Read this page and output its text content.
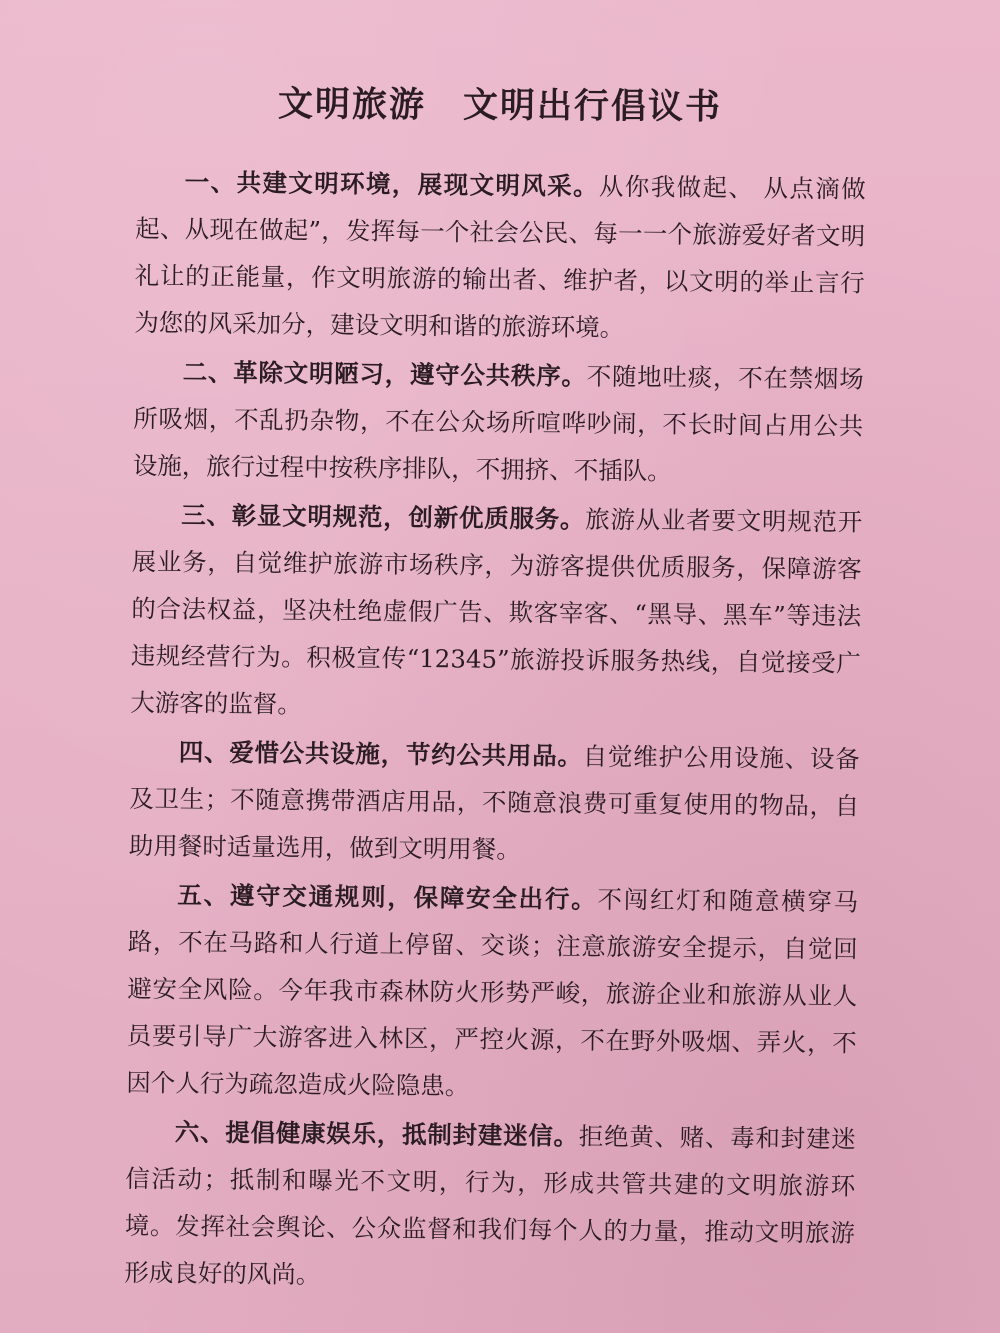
文明旅游　文明出行倡议书

一、共建文明环境，展现文明风采。从你我做起、 从点滴做起、从现在做起”，发挥每一个社会公民、每一一个旅游爱好者文明礼让的正能量，作文明旅游的输出者、维护者，以文明的举止言行为您的风采加分，建设文明和谐的旅游环境。

二、革除文明陋习，遵守公共秩序。不随地吐痰，不在禁烟场所吸烟，不乱扔杂物，不在公众场所喧哗吵闹，不长时间占用公共设施，旅行过程中按秩序排队，不拥挤、不插队。

三、彰显文明规范，创新优质服务。旅游从业者要文明规范开展业务，自觉维护旅游市场秩序，为游客提供优质服务，保障游客的合法权益，坚决杜绝虚假广告、欺客宰客、“黑导、黑车”等违法违规经营行为。积极宣传“12345”旅游投诉服务热线，自觉接受广大游客的监督。

四、爱惜公共设施，节约公共用品。自觉维护公用设施、设备及卫生；不随意携带酒店用品，不随意浪费可重复使用的物品，自助用餐时适量选用，做到文明用餐。

五、遵守交通规则，保障安全出行。不闯红灯和随意横穿马路，不在马路和人行道上停留、交谈；注意旅游安全提示，自觉回避安全风险。今年我市森林防火形势严峻，旅游企业和旅游从业人员要引导广大游客进入林区，严控火源，不在野外吸烟、弄火，不因个人行为疏忽造成火险隐患。

六、提倡健康娱乐，抵制封建迷信。拒绝黄、赌、毒和封建迷信活动；抵制和曝光不文明，行为，形成共管共建的文明旅游环境。发挥社会舆论、公众监督和我们每个人的力量，推动文明旅游形成良好的风尚。
